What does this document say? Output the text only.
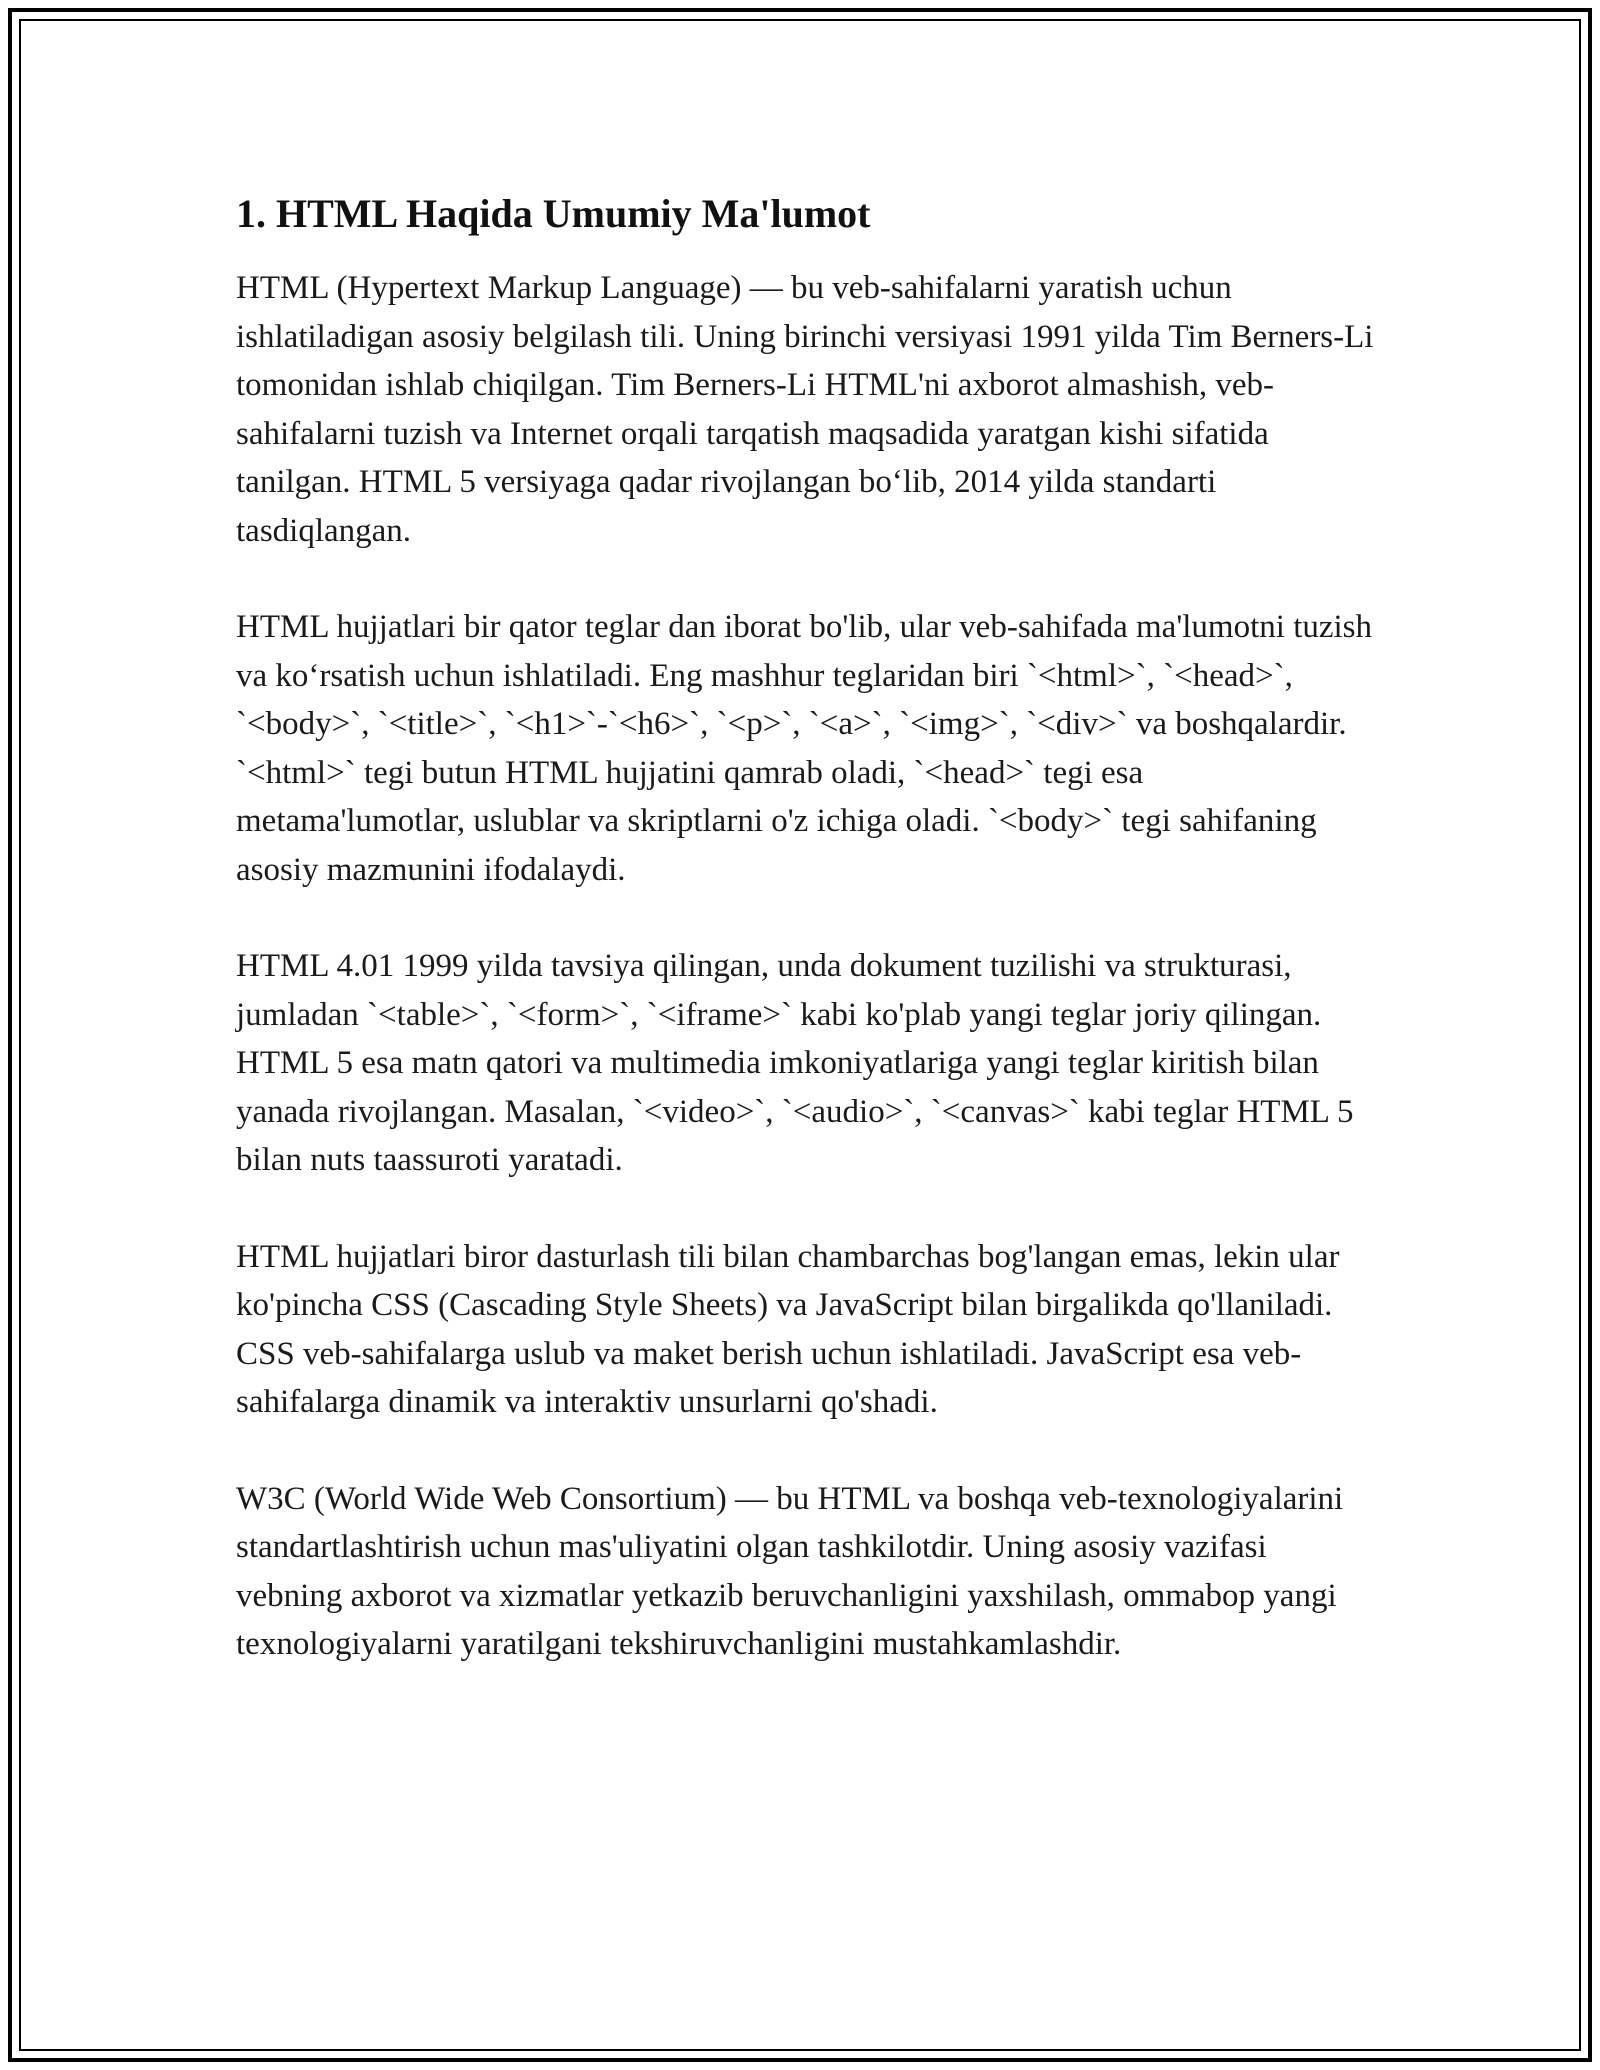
1. HTML Haqida Umumiy Ma'lumot

HTML (Hypertext Markup Language) — bu veb-sahifalarni yaratish uchun ishlatiladigan asosiy belgilash tili. Uning birinchi versiyasi 1991 yilda Tim Berners-Li tomonidan ishlab chiqilgan. Tim Berners-Li HTML'ni axborot almashish, veb-sahifalarni tuzish va Internet orqali tarqatish maqsadida yaratgan kishi sifatida tanilgan. HTML 5 versiyaga qadar rivojlangan bo‘lib, 2014 yilda standarti tasdiqlangan.

HTML hujjatlari bir qator teglar dan iborat bo'lib, ular veb-sahifada ma'lumotni tuzish va ko‘rsatish uchun ishlatiladi. Eng mashhur teglaridan biri `<html>`, `<head>`, `<body>`, `<title>`, `<h1>`-`<h6>`, `<p>`, `<a>`, `<img>`, `<div>` va boshqalardir. `<html>` tegi butun HTML hujjatini qamrab oladi, `<head>` tegi esa metama'lumotlar, uslublar va skriptlarni o'z ichiga oladi. `<body>` tegi sahifaning asosiy mazmunini ifodalaydi.

HTML 4.01 1999 yilda tavsiya qilingan, unda dokument tuzilishi va strukturasi, jumladan `<table>`, `<form>`, `<iframe>` kabi ko'plab yangi teglar joriy qilingan. HTML 5 esa matn qatori va multimedia imkoniyatlariga yangi teglar kiritish bilan yanada rivojlangan. Masalan, `<video>`, `<audio>`, `<canvas>` kabi teglar HTML 5 bilan nuts taassuroti yaratadi.

HTML hujjatlari biror dasturlash tili bilan chambarchas bog'langan emas, lekin ular ko'pincha CSS (Cascading Style Sheets) va JavaScript bilan birgalikda qo'llaniladi. CSS veb-sahifalarga uslub va maket berish uchun ishlatiladi. JavaScript esa veb-sahifalarga dinamik va interaktiv unsurlarni qo'shadi.

W3C (World Wide Web Consortium) — bu HTML va boshqa veb-texnologiyalarini standartlashtirish uchun mas'uliyatini olgan tashkilotdir. Uning asosiy vazifasi vebning axborot va xizmatlar yetkazib beruvchanligini yaxshilash, ommabop yangi texnologiyalarni yaratilgani tekshiruvchanligini mustahkamlashdir.
